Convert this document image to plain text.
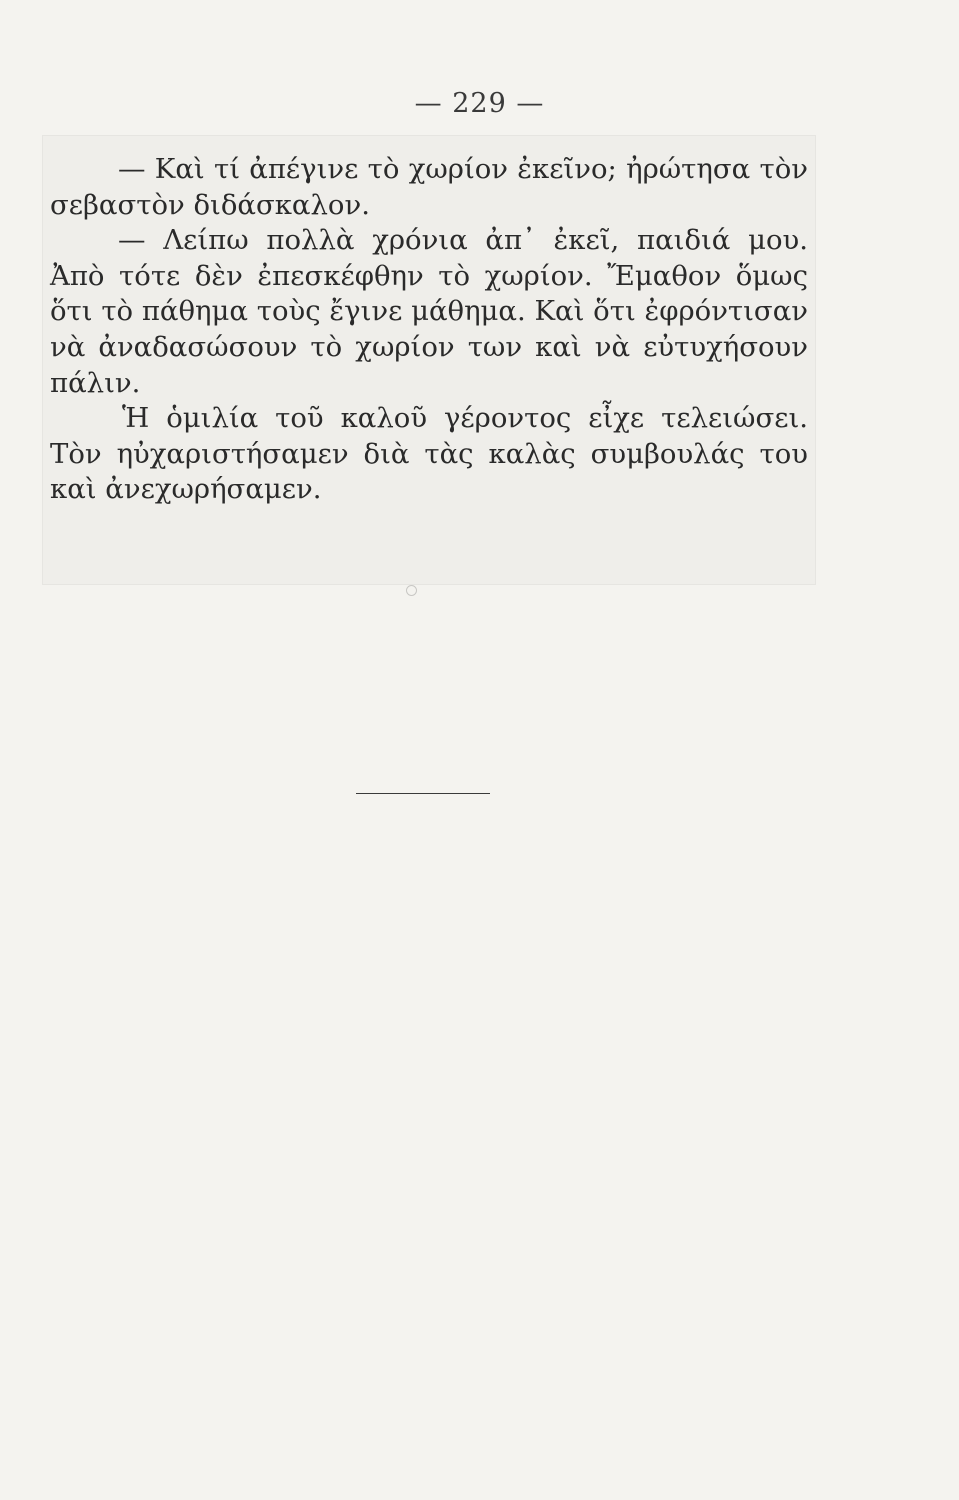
— 229 —

— Καὶ τί ἀπέγινε τὸ χωρίον ἐκεῖνο; ἠρώτησα τὸν σεβαστὸν διδάσκαλον.

— Λείπω πολλὰ χρόνια ἀπ᾽ ἐκεῖ, παιδιά μου. Ἀπὸ τότε δὲν ἐπεσκέφθην τὸ χωρίον. Ἔμαθον ὅμως ὅτι τὸ πάθημα τοὺς ἔγινε μάθημα. Καὶ ὅτι ἐφρόντισαν νὰ ἀναδασώσουν τὸ χωρίον των καὶ νὰ εὐτυχήσουν πάλιν.

Ἡ ὁμιλία τοῦ καλοῦ γέροντος εἶχε τελειώσει. Τὸν ηὐχαριστήσαμεν διὰ τὰς καλὰς συμβουλάς του καὶ ἀνεχωρήσαμεν.
